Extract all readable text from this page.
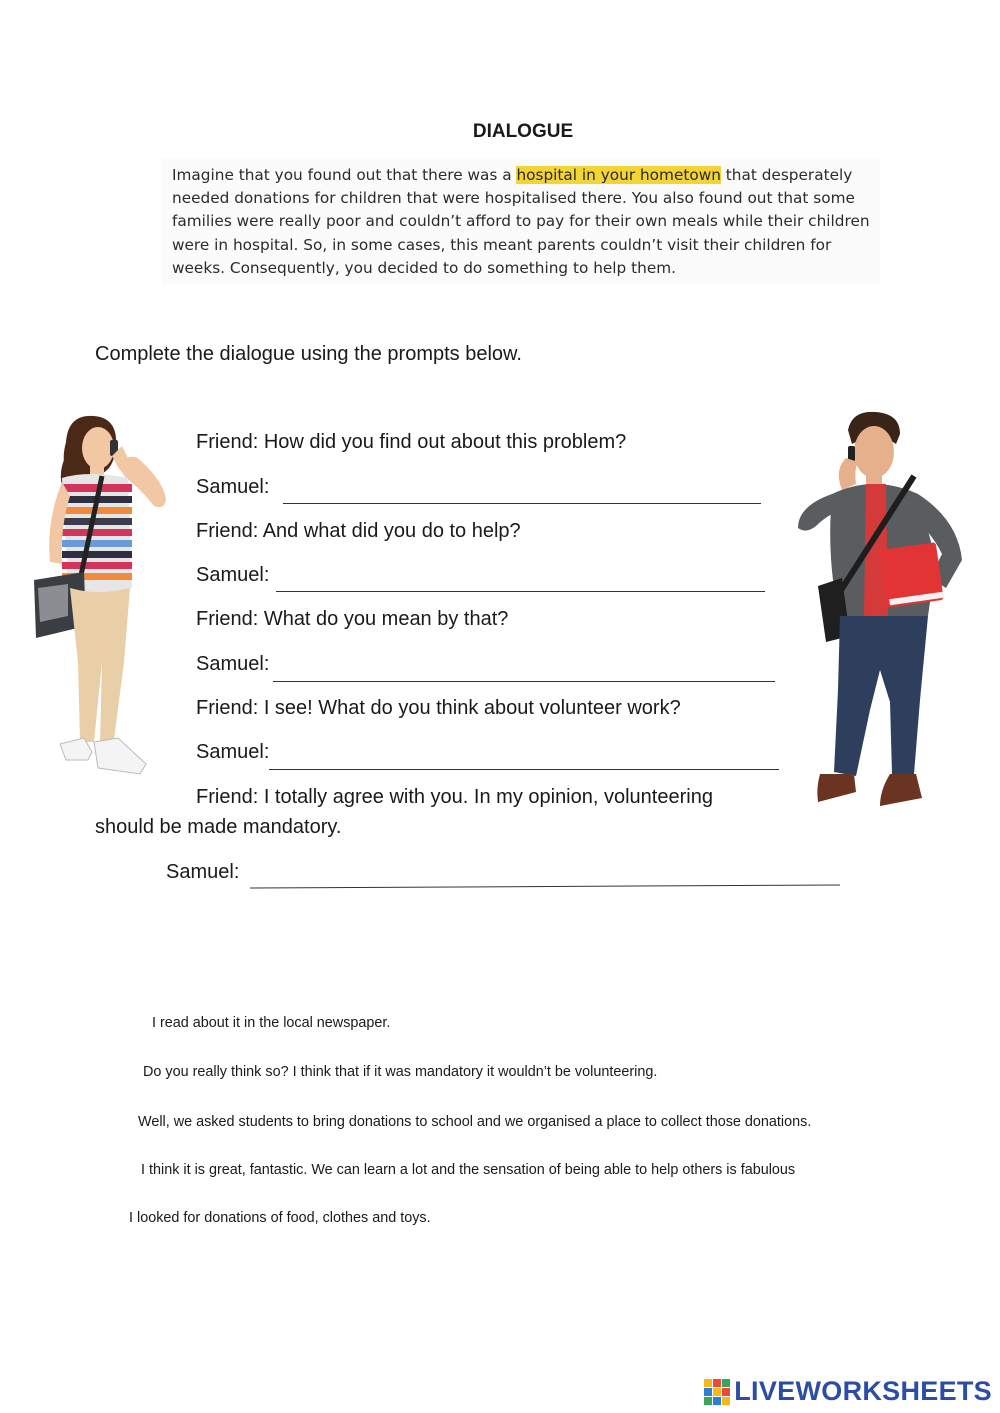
DIALOGUE
Imagine that you found out that there was a hospital in your hometown that desperately needed donations for children that were hospitalised there. You also found out that some families were really poor and couldn’t afford to pay for their own meals while their children were in hospital. So, in some cases, this meant parents couldn’t visit their children for weeks. Consequently, you decided to do something to help them.
Complete the dialogue using the prompts below.
Friend: How did you find out about this problem?
Samuel:
Friend: And what did you do to help?
Samuel:
Friend: What do you mean by that?
Samuel:
Friend: I see! What do you think about volunteer work?
Samuel:
Friend: I totally agree with you. In my opinion, volunteering
should be made mandatory.
Samuel:
I read about it in the local newspaper.
Do you really think so? I think that if it was mandatory it wouldn’t be volunteering.
Well, we asked students to bring donations to school and we organised a place to collect those donations.
I think it is great, fantastic. We can learn a lot and the sensation of being able to help others is fabulous
I looked for donations of food, clothes and toys.
LIVEWORKSHEETS
